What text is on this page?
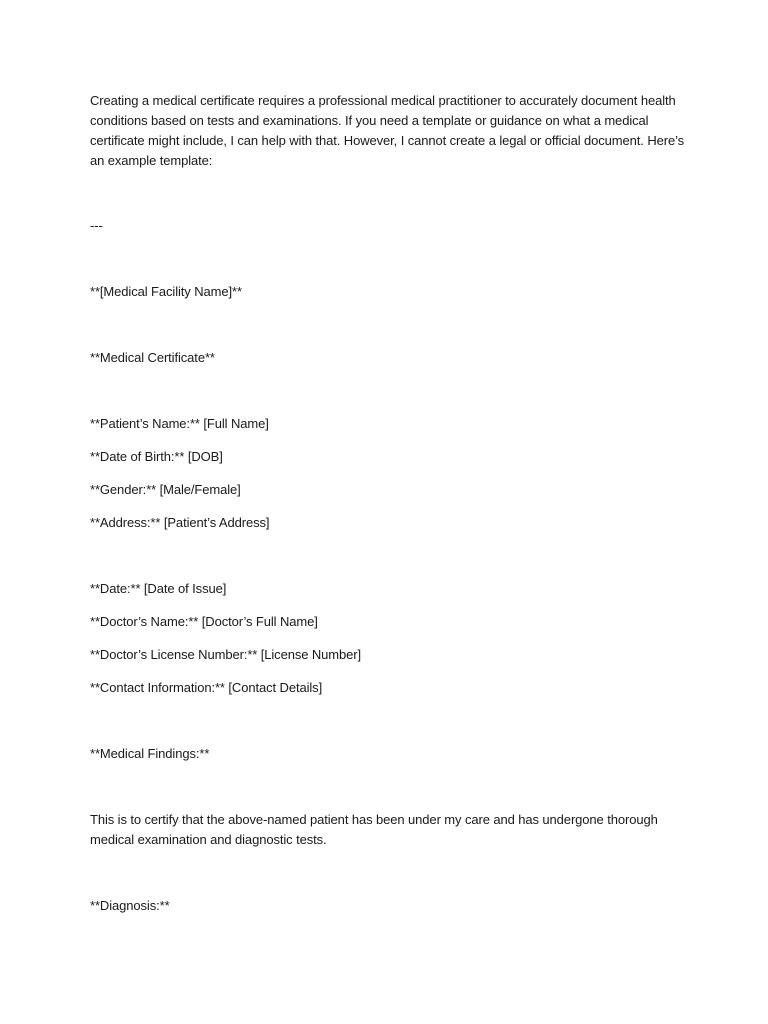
Creating a medical certificate requires a professional medical practitioner to accurately document health conditions based on tests and examinations. If you need a template or guidance on what a medical certificate might include, I can help with that. However, I cannot create a legal or official document. Here’s an example template:

---

**[Medical Facility Name]**

**Medical Certificate**

**Patient’s Name:** [Full Name]

**Date of Birth:** [DOB]

**Gender:** [Male/Female]

**Address:** [Patient’s Address]

**Date:** [Date of Issue]

**Doctor’s Name:** [Doctor’s Full Name]

**Doctor’s License Number:** [License Number]

**Contact Information:** [Contact Details]

**Medical Findings:**

This is to certify that the above-named patient has been under my care and has undergone thorough medical examination and diagnostic tests.

**Diagnosis:**
